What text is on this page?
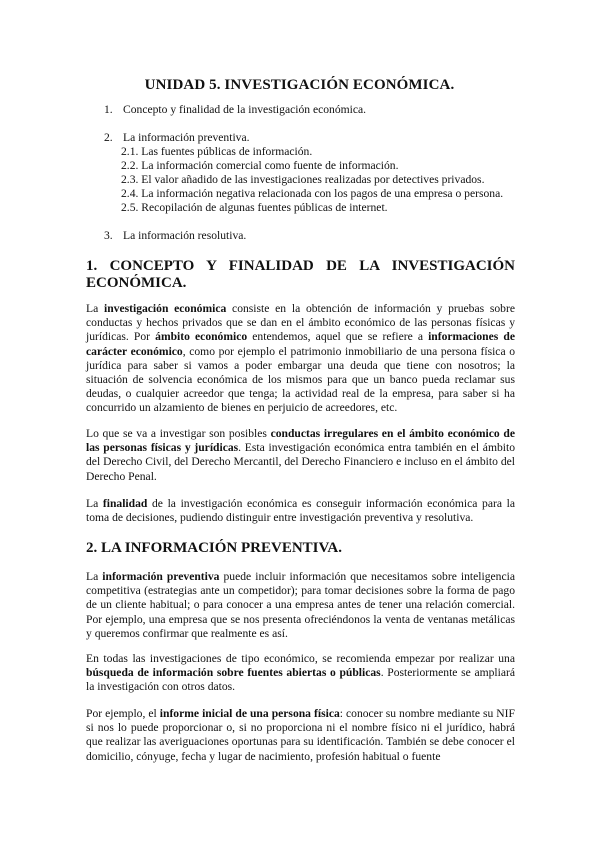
UNIDAD 5. INVESTIGACIÓN ECONÓMICA.
1. Concepto y finalidad de la investigación económica.
2. La información preventiva.
2.1. Las fuentes públicas de información.
2.2. La información comercial como fuente de información.
2.3. El valor añadido de las investigaciones realizadas por detectives privados.
2.4. La información negativa relacionada con los pagos de una empresa o persona.
2.5. Recopilación de algunas fuentes públicas de internet.
3. La información resolutiva.
1. CONCEPTO Y FINALIDAD DE LA INVESTIGACIÓN
ECONÓMICA.
La investigación económica consiste en la obtención de información y pruebas sobre conductas y hechos privados que se dan en el ámbito económico de las personas físicas y jurídicas. Por ámbito económico entendemos, aquel que se refiere a informaciones de carácter económico, como por ejemplo el patrimonio inmobiliario de una persona física o jurídica para saber si vamos a poder embargar una deuda que tiene con nosotros; la situación de solvencia económica de los mismos para que un banco pueda reclamar sus deudas, o cualquier acreedor que tenga; la actividad real de la empresa, para saber si ha concurrido un alzamiento de bienes en perjuicio de acreedores, etc.
Lo que se va a investigar son posibles conductas irregulares en el ámbito económico de las personas físicas y jurídicas. Esta investigación económica entra también en el ámbito del Derecho Civil, del Derecho Mercantil, del Derecho Financiero e incluso en el ámbito del Derecho Penal.
La finalidad de la investigación económica es conseguir información económica para la toma de decisiones, pudiendo distinguir entre investigación preventiva y resolutiva.
2. LA INFORMACIÓN PREVENTIVA.
La información preventiva puede incluir información que necesitamos sobre inteligencia competitiva (estrategias ante un competidor); para tomar decisiones sobre la forma de pago de un cliente habitual; o para conocer a una empresa antes de tener una relación comercial. Por ejemplo, una empresa que se nos presenta ofreciéndonos la venta de ventanas metálicas y queremos confirmar que realmente es así.
En todas las investigaciones de tipo económico, se recomienda empezar por realizar una búsqueda de información sobre fuentes abiertas o públicas. Posteriormente se ampliará la investigación con otros datos.
Por ejemplo, el informe inicial de una persona física: conocer su nombre mediante su NIF si nos lo puede proporcionar o, si no proporciona ni el nombre físico ni el jurídico, habrá que realizar las averiguaciones oportunas para su identificación. También se debe conocer el domicilio, cónyuge, fecha y lugar de nacimiento, profesión habitual o fuente
